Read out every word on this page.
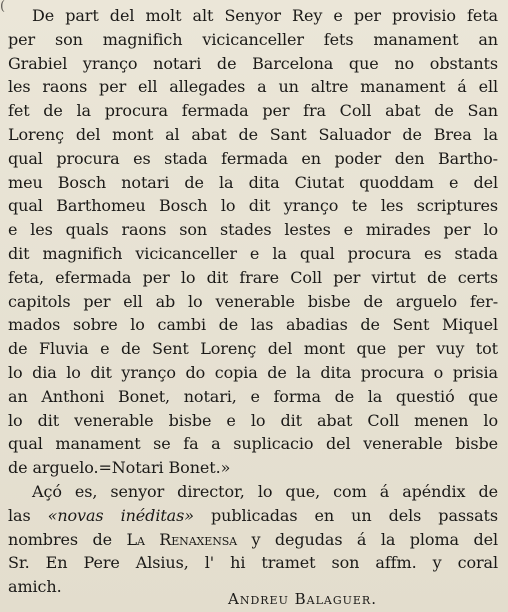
(	De part del molt alt Senyor Rey e per provisio feta
per son magnifich vicicanceller fets manament an
Grabiel yranço notari de Barcelona que no obstants
les raons per ell allegades a un altre manament á ell
fet de la procura fermada per fra Coll abat de San
Lorenç del mont al abat de Sant Saluador de Brea la
qual procura es stada fermada en poder den Bartho-
meu Bosch notari de la dita Ciutat quoddam e del
qual Barthomeu Bosch lo dit yranço te les scriptures
e les quals raons son stades lestes e mirades per lo
dit magnifich vicicanceller e la qual procura es stada
feta, efermada per lo dit frare Coll per virtut de certs
capitols per ell ab lo venerable bisbe de arguelo fer-
mados sobre lo cambi de las abadias de Sent Miquel
de Fluvia e de Sent Lorenç del mont que per vuy tot
lo dia lo dit yranço do copia de la dita procura o prisia
an Anthoni Bonet, notari, e forma de la questió que
lo dit venerable bisbe e lo dit abat Coll menen lo
qual manament se fa a suplicacio del venerable bisbe
de arguelo.=Notari Bonet.»
Açó es, senyor director, lo que, com á apéndix de
las «novas inéditas» publicadas en un dels passats
nombres de La Renaxensa y degudas á la ploma del
Sr. En Pere Alsius, l' hi tramet son affm. y coral
amich.
Andreu Balaguer.
